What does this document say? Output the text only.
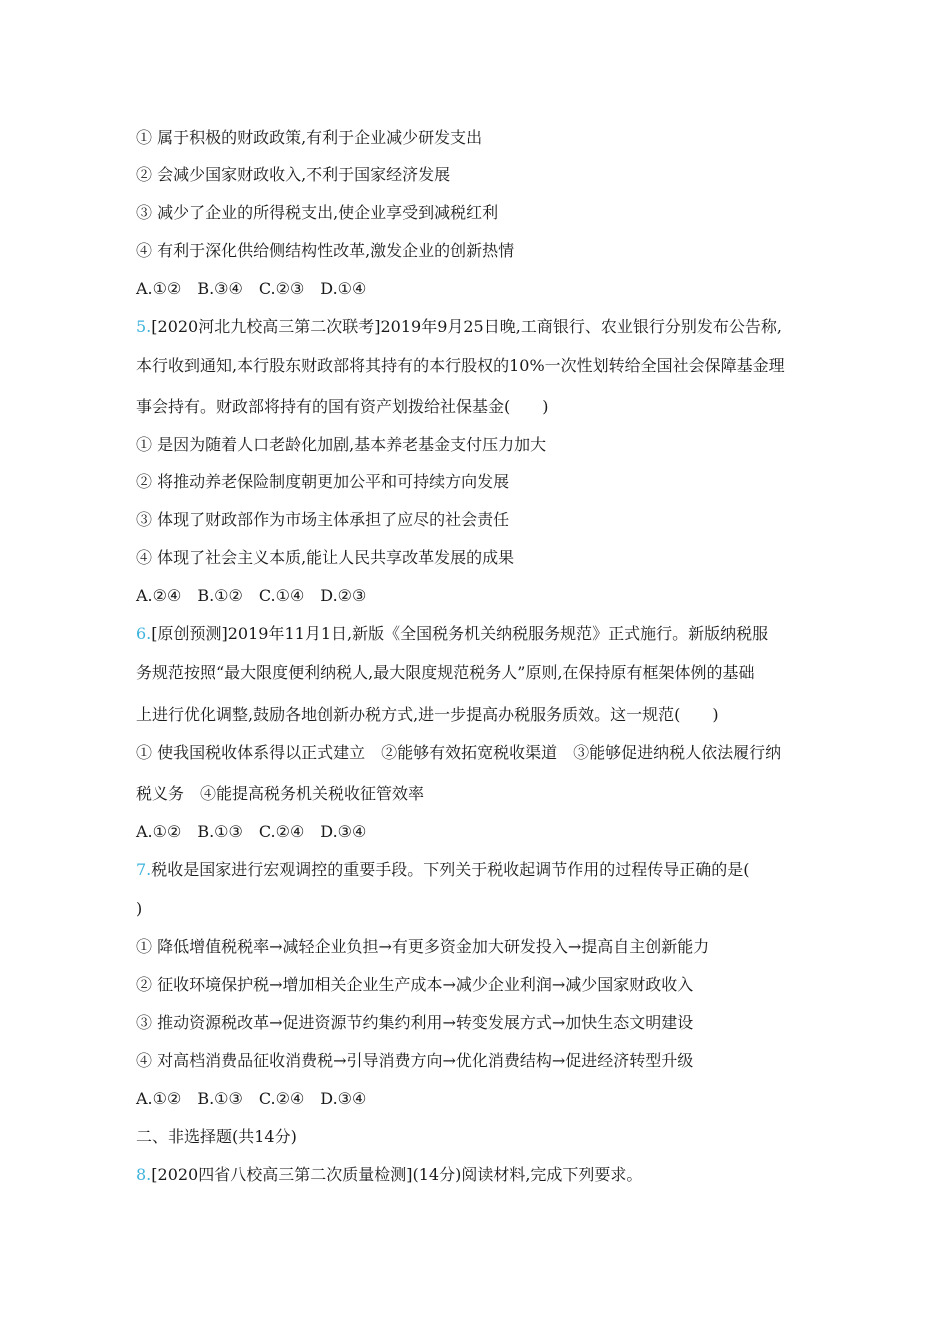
① 属于积极的财政政策,有利于企业减少研发支出
② 会减少国家财政收入,不利于国家经济发展
③ 减少了企业的所得税支出,使企业享受到减税红利
④ 有利于深化供给侧结构性改革,激发企业的创新热情
A.①②　B.③④　C.②③　D.①④
5.[2020河北九校高三第二次联考]2019年9月25日晚,工商银行、农业银行分别发布公告称,
本行收到通知,本行股东财政部将其持有的本行股权的10%一次性划转给全国社会保障基金理
事会持有。财政部将持有的国有资产划拨给社保基金(　　)
① 是因为随着人口老龄化加剧,基本养老基金支付压力加大
② 将推动养老保险制度朝更加公平和可持续方向发展
③ 体现了财政部作为市场主体承担了应尽的社会责任
④ 体现了社会主义本质,能让人民共享改革发展的成果
A.②④　B.①②　C.①④　D.②③
6.[原创预测]2019年11月1日,新版《全国税务机关纳税服务规范》正式施行。新版纳税服
务规范按照“最大限度便利纳税人,最大限度规范税务人”原则,在保持原有框架体例的基础
上进行优化调整,鼓励各地创新办税方式,进一步提高办税服务质效。这一规范(　　)
① 使我国税收体系得以正式建立　②能够有效拓宽税收渠道　③能够促进纳税人依法履行纳
税义务　④能提高税务机关税收征管效率
A.①②　B.①③　C.②④　D.③④
7.税收是国家进行宏观调控的重要手段。下列关于税收起调节作用的过程传导正确的是(
)
① 降低增值税税率→减轻企业负担→有更多资金加大研发投入→提高自主创新能力
② 征收环境保护税→增加相关企业生产成本→减少企业利润→减少国家财政收入
③ 推动资源税改革→促进资源节约集约利用→转变发展方式→加快生态文明建设
④ 对高档消费品征收消费税→引导消费方向→优化消费结构→促进经济转型升级
A.①②　B.①③　C.②④　D.③④
二、非选择题(共14分)
8.[2020四省八校高三第二次质量检测](14分)阅读材料,完成下列要求。
